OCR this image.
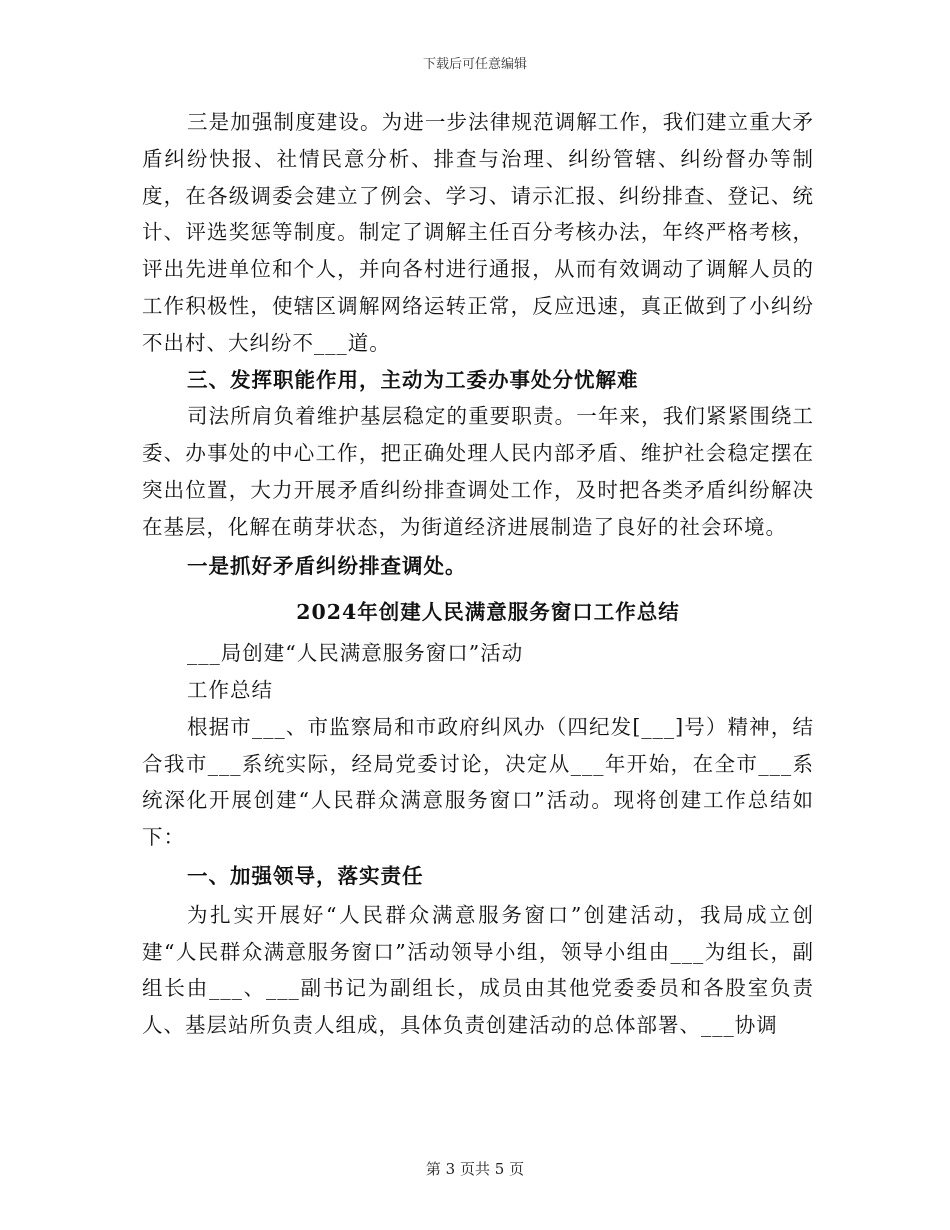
下载后可任意编辑

三是加强制度建设。为进一步法律规范调解工作，我们建立重大矛盾纠纷快报、社情民意分析、排查与治理、纠纷管辖、纠纷督办等制度，在各级调委会建立了例会、学习、请示汇报、纠纷排查、登记、统计、评选奖惩等制度。制定了调解主任百分考核办法，年终严格考核，评出先进单位和个人，并向各村进行通报，从而有效调动了调解人员的工作积极性，使辖区调解网络运转正常，反应迅速，真正做到了小纠纷不出村、大纠纷不___道。

三、发挥职能作用，主动为工委办事处分忧解难

司法所肩负着维护基层稳定的重要职责。一年来，我们紧紧围绕工委、办事处的中心工作，把正确处理人民内部矛盾、维护社会稳定摆在突出位置，大力开展矛盾纠纷排查调处工作，及时把各类矛盾纠纷解决在基层，化解在萌芽状态，为街道经济进展制造了良好的社会环境。

一是抓好矛盾纠纷排查调处。

2024年创建人民满意服务窗口工作总结

___局创建“人民满意服务窗口”活动

工作总结

根据市___、市监察局和市政府纠风办（四纪发[___]号）精神，结合我市___系统实际，经局党委讨论，决定从___年开始，在全市___系统深化开展创建“人民群众满意服务窗口”活动。现将创建工作总结如下：

一、加强领导，落实责任

为扎实开展好“人民群众满意服务窗口”创建活动，我局成立创建“人民群众满意服务窗口”活动领导小组，领导小组由___为组长，副组长由___、___副书记为副组长，成员由其他党委委员和各股室负责人、基层站所负责人组成，具体负责创建活动的总体部署、___协调

第 3 页共 5 页
